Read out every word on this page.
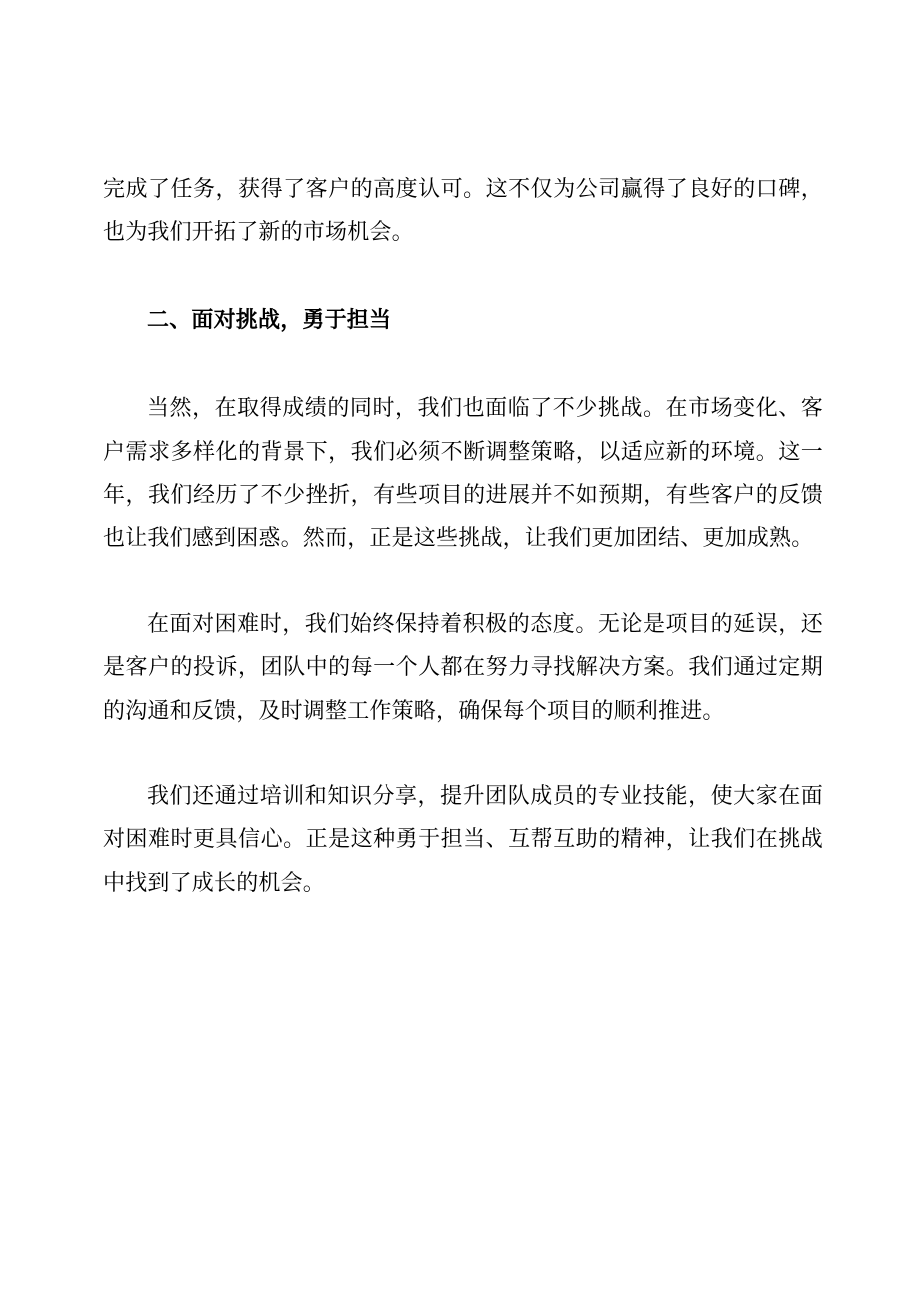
完成了任务，获得了客户的高度认可。这不仅为公司赢得了良好的口碑，也为我们开拓了新的市场机会。

二、面对挑战，勇于担当

当然，在取得成绩的同时，我们也面临了不少挑战。在市场变化、客户需求多样化的背景下，我们必须不断调整策略，以适应新的环境。这一年，我们经历了不少挫折，有些项目的进展并不如预期，有些客户的反馈也让我们感到困惑。然而，正是这些挑战，让我们更加团结、更加成熟。

在面对困难时，我们始终保持着积极的态度。无论是项目的延误，还是客户的投诉，团队中的每一个人都在努力寻找解决方案。我们通过定期的沟通和反馈，及时调整工作策略，确保每个项目的顺利推进。

我们还通过培训和知识分享，提升团队成员的专业技能，使大家在面对困难时更具信心。正是这种勇于担当、互帮互助的精神，让我们在挑战中找到了成长的机会。
